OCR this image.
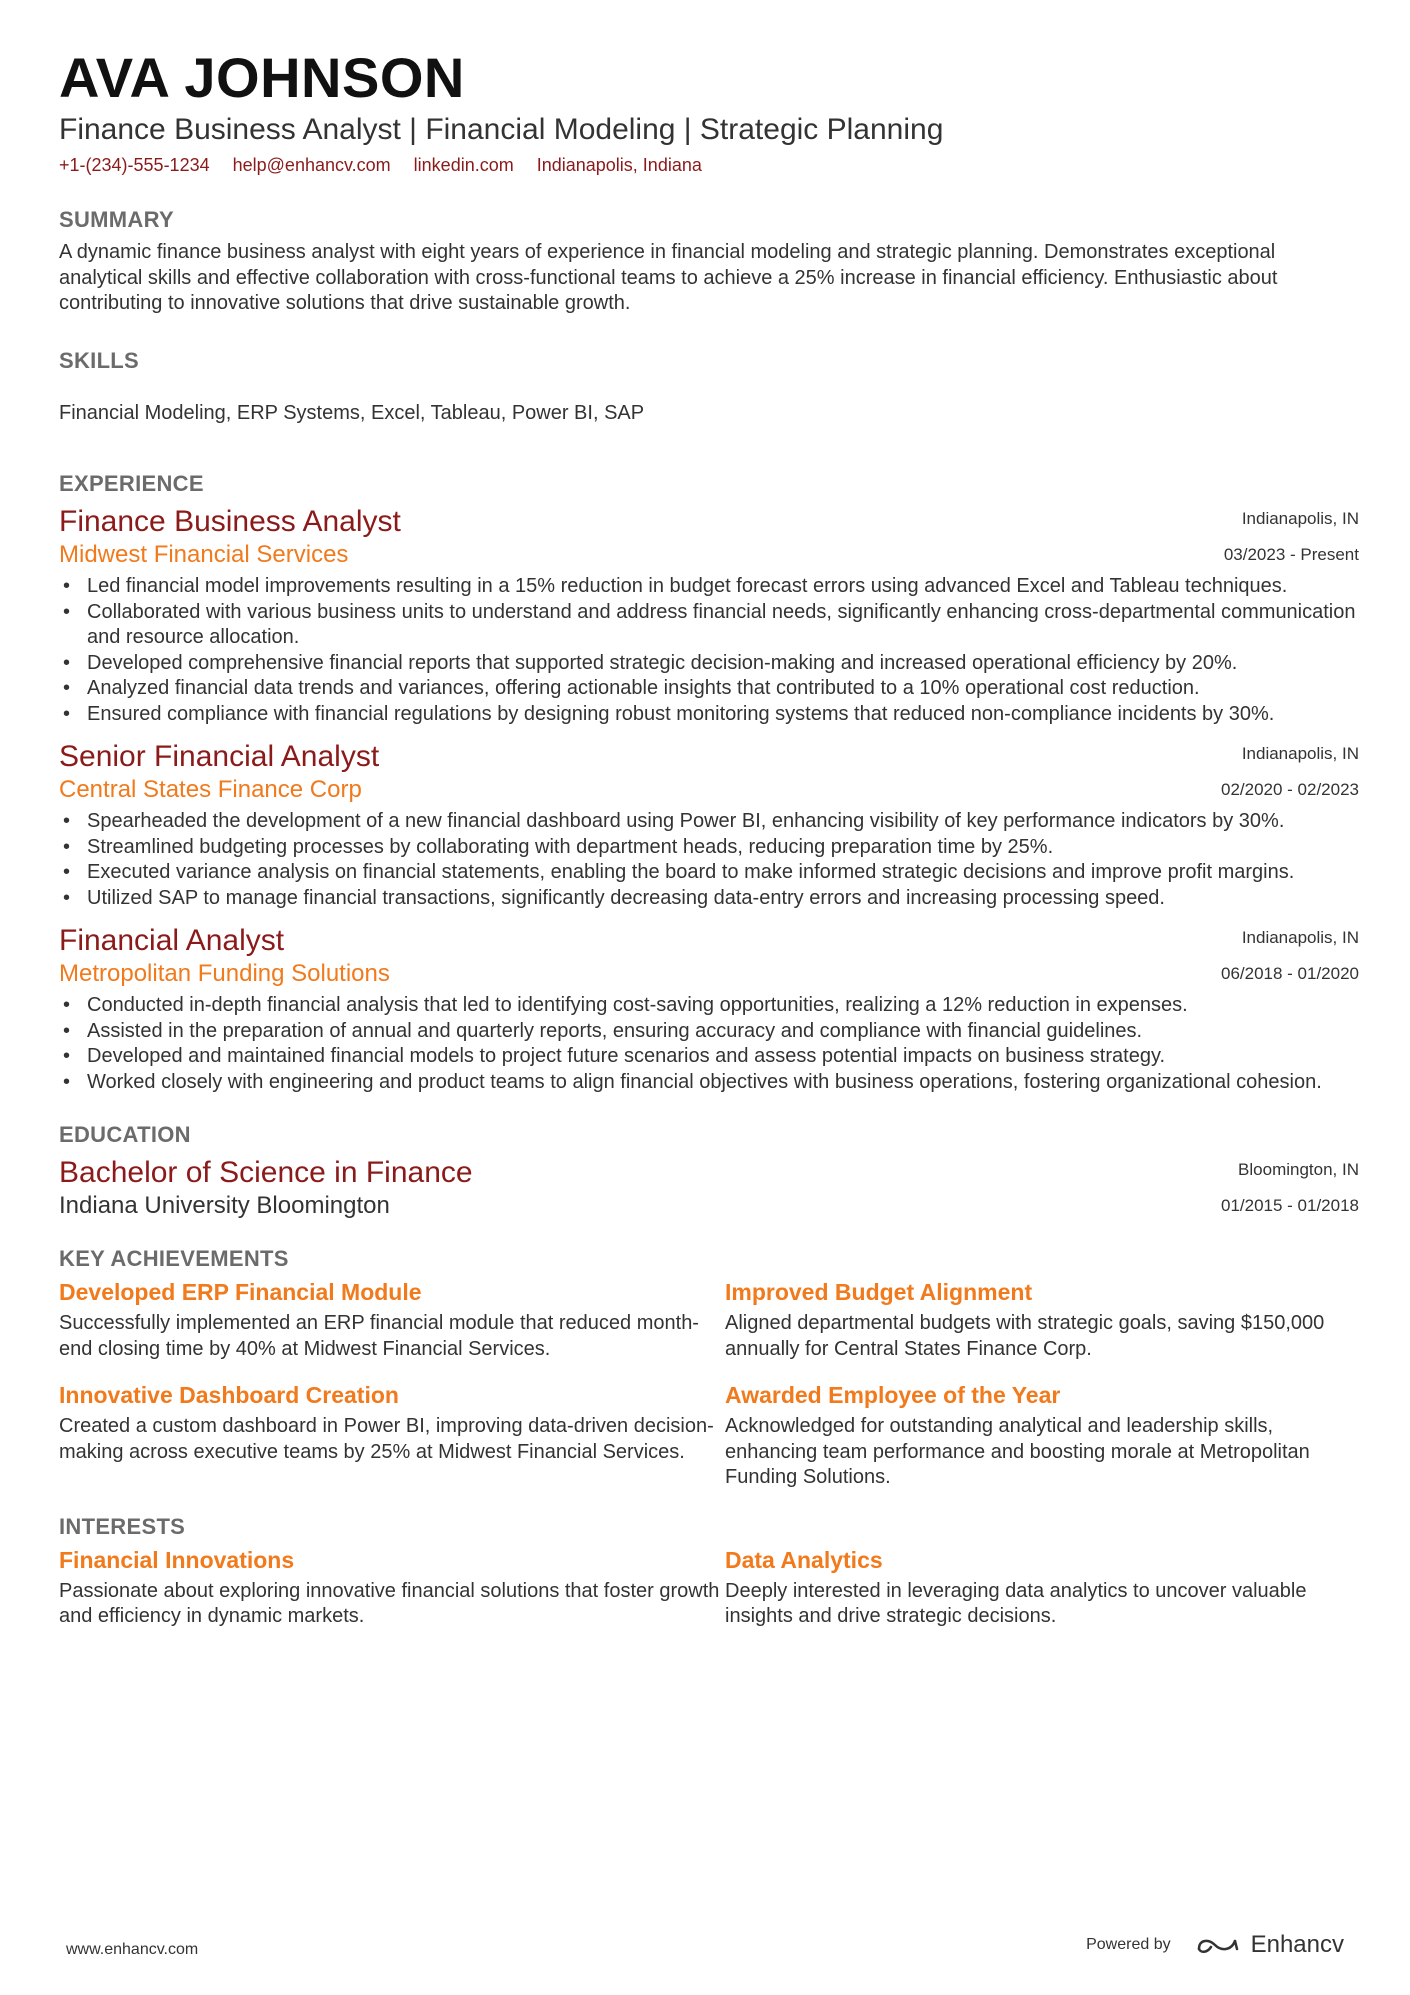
AVA JOHNSON
Finance Business Analyst | Financial Modeling | Strategic Planning
+1-(234)-555-1234 help@enhancv.com linkedin.com Indianapolis, Indiana
SUMMARY
A dynamic finance business analyst with eight years of experience in financial modeling and strategic planning. Demonstrates exceptional analytical skills and effective collaboration with cross-functional teams to achieve a 25% increase in financial efficiency. Enthusiastic about contributing to innovative solutions that drive sustainable growth.
SKILLS
Financial Modeling, ERP Systems, Excel, Tableau, Power BI, SAP
EXPERIENCE
Finance Business Analyst
Midwest Financial Services
Indianapolis, IN
03/2023 - Present
• Led financial model improvements resulting in a 15% reduction in budget forecast errors using advanced Excel and Tableau techniques.
• Collaborated with various business units to understand and address financial needs, significantly enhancing cross-departmental communication and resource allocation.
• Developed comprehensive financial reports that supported strategic decision-making and increased operational efficiency by 20%.
• Analyzed financial data trends and variances, offering actionable insights that contributed to a 10% operational cost reduction.
• Ensured compliance with financial regulations by designing robust monitoring systems that reduced non-compliance incidents by 30%.
Senior Financial Analyst
Central States Finance Corp
Indianapolis, IN
02/2020 - 02/2023
• Spearheaded the development of a new financial dashboard using Power BI, enhancing visibility of key performance indicators by 30%.
• Streamlined budgeting processes by collaborating with department heads, reducing preparation time by 25%.
• Executed variance analysis on financial statements, enabling the board to make informed strategic decisions and improve profit margins.
• Utilized SAP to manage financial transactions, significantly decreasing data-entry errors and increasing processing speed.
Financial Analyst
Metropolitan Funding Solutions
Indianapolis, IN
06/2018 - 01/2020
• Conducted in-depth financial analysis that led to identifying cost-saving opportunities, realizing a 12% reduction in expenses.
• Assisted in the preparation of annual and quarterly reports, ensuring accuracy and compliance with financial guidelines.
• Developed and maintained financial models to project future scenarios and assess potential impacts on business strategy.
• Worked closely with engineering and product teams to align financial objectives with business operations, fostering organizational cohesion.
EDUCATION
Bachelor of Science in Finance
Indiana University Bloomington
Bloomington, IN
01/2015 - 01/2018
KEY ACHIEVEMENTS
Developed ERP Financial Module
Successfully implemented an ERP financial module that reduced month-end closing time by 40% at Midwest Financial Services.
Improved Budget Alignment
Aligned departmental budgets with strategic goals, saving $150,000 annually for Central States Finance Corp.
Innovative Dashboard Creation
Created a custom dashboard in Power BI, improving data-driven decision-making across executive teams by 25% at Midwest Financial Services.
Awarded Employee of the Year
Acknowledged for outstanding analytical and leadership skills, enhancing team performance and boosting morale at Metropolitan Funding Solutions.
INTERESTS
Financial Innovations
Passionate about exploring innovative financial solutions that foster growth and efficiency in dynamic markets.
Data Analytics
Deeply interested in leveraging data analytics to uncover valuable insights and drive strategic decisions.
www.enhancv.com	Powered by	Enhancv
